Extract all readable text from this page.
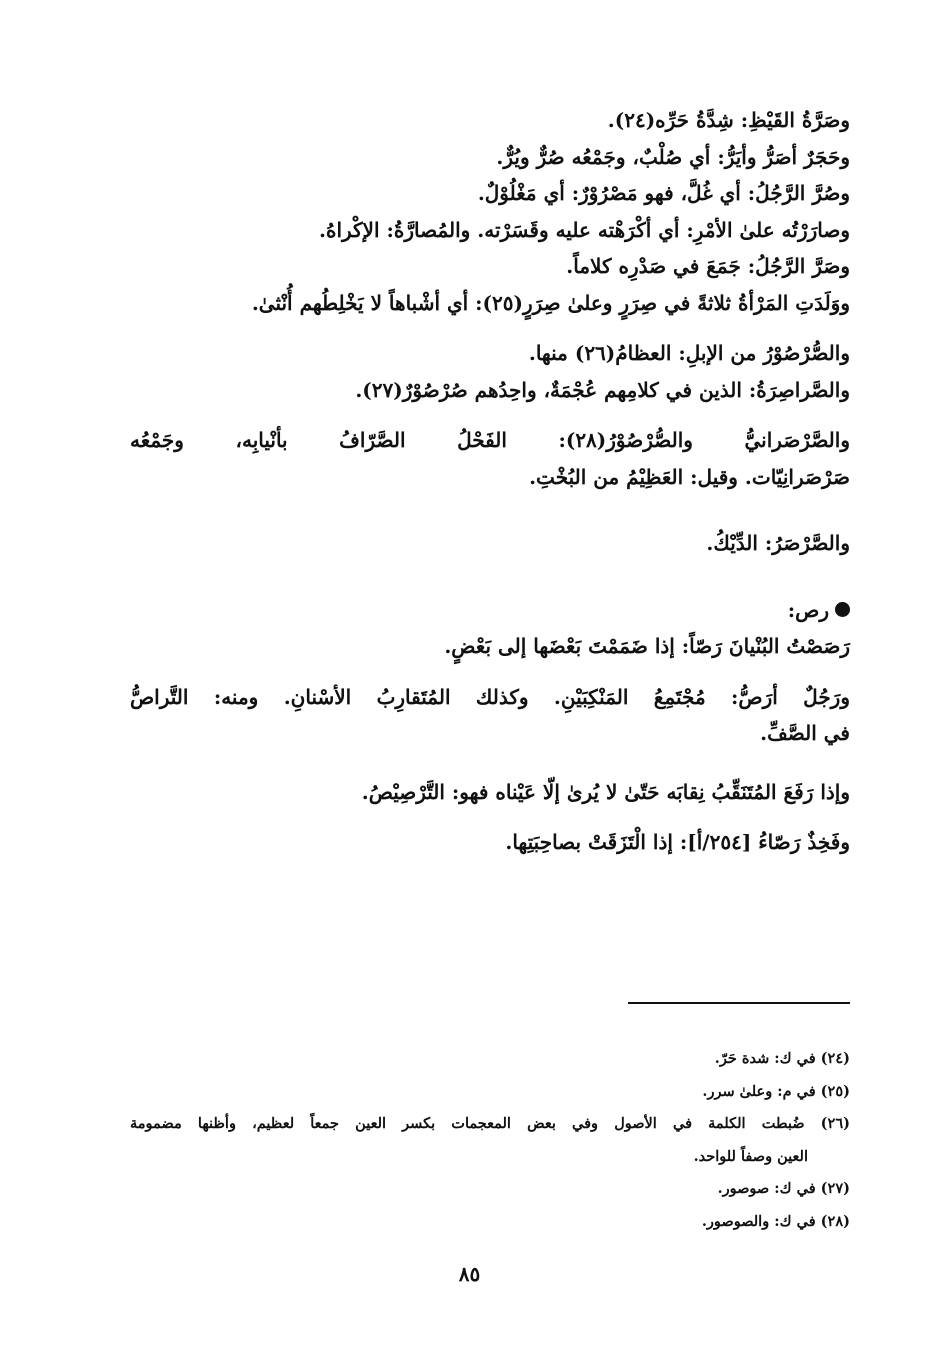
وصَرَّةُ القَيْظِ: شِدَّةُ حَرِّه(٢٤).

وحَجَرٌ أصَرُّ وأيَرُّ: أي صُلْبٌ، وجَمْعُه صُرٌّ ويُرٌّ.

وصُرَّ الرَّجُلُ: أي غُلَّ، فهو مَصْرُوْرٌ: أي مَغْلُوْلٌ.

وصارَرْتُه علىٰ الأمْرِ: أي أكْرَهْته عليه وقَسَرْته. والمُصارَّةُ: الإكْراهُ.

وصَرَّ الرَّجُلُ: جَمَعَ في صَدْرِه كلاماً.

ووَلَدَتِ المَرْأةُ ثلاثةً في صِرَرٍ وعلىٰ صِرَرٍ(٢٥): أي أشْباهاً لا يَخْلِطُهم أُنْثىٰ.

والصُّرْصُوْرُ من الإبلِ: العظامُ(٢٦) منها.

والصَّراصِرَةُ: الذين في كلامِهم عُجْمَةٌ، واحِدُهم صُرْصُوْرٌ(٢٧).

والصَّرْصَرانيُّ والصُّرْصُوْرُ(٢٨): الفَحْلُ الصَّرّافُ بأنْيابِه، وجَمْعُه

صَرْصَرانِيّات. وقيل: العَظِيْمُ من البُخْتِ.

والصَّرْصَرُ: الدِّيْكُ.

رص:

رَصَصْتُ البُنْيانَ رَصّاً: إذا ضَمَمْتَ بَعْضَها إلى بَعْضٍ.

ورَجُلٌ أرَصُّ: مُجْتَمِعُ المَنْكِبَيْنِ. وكذلك المُتَقارِبُ الأسْنانِ. ومنه: التَّراصُّ

في الصَّفِّ.

وإذا رَفَعَ المُتَنَقِّبُ نِقابَه حَتّىٰ لا يُرىٰ إلّا عَيْناه فهو: التَّرْصِيْصُ.

وفَخِذٌ رَصّاءُ [٢٥٤/أ]: إذا الْتَزَقَتْ بصاحِبَتِها.

(٢٤) في ك: شدة حَرّ.

(٢٥) في م: وعلىٰ سرر.

(٢٦) ضُبطت الكلمة في الأصول وفي بعض المعجمات بكسر العين جمعاً لعظيم، وأظنها مضمومة

العين وصفاً للواحد.

(٢٧) في ك: صوصور.

(٢٨) في ك: والصوصور.

٨٥
